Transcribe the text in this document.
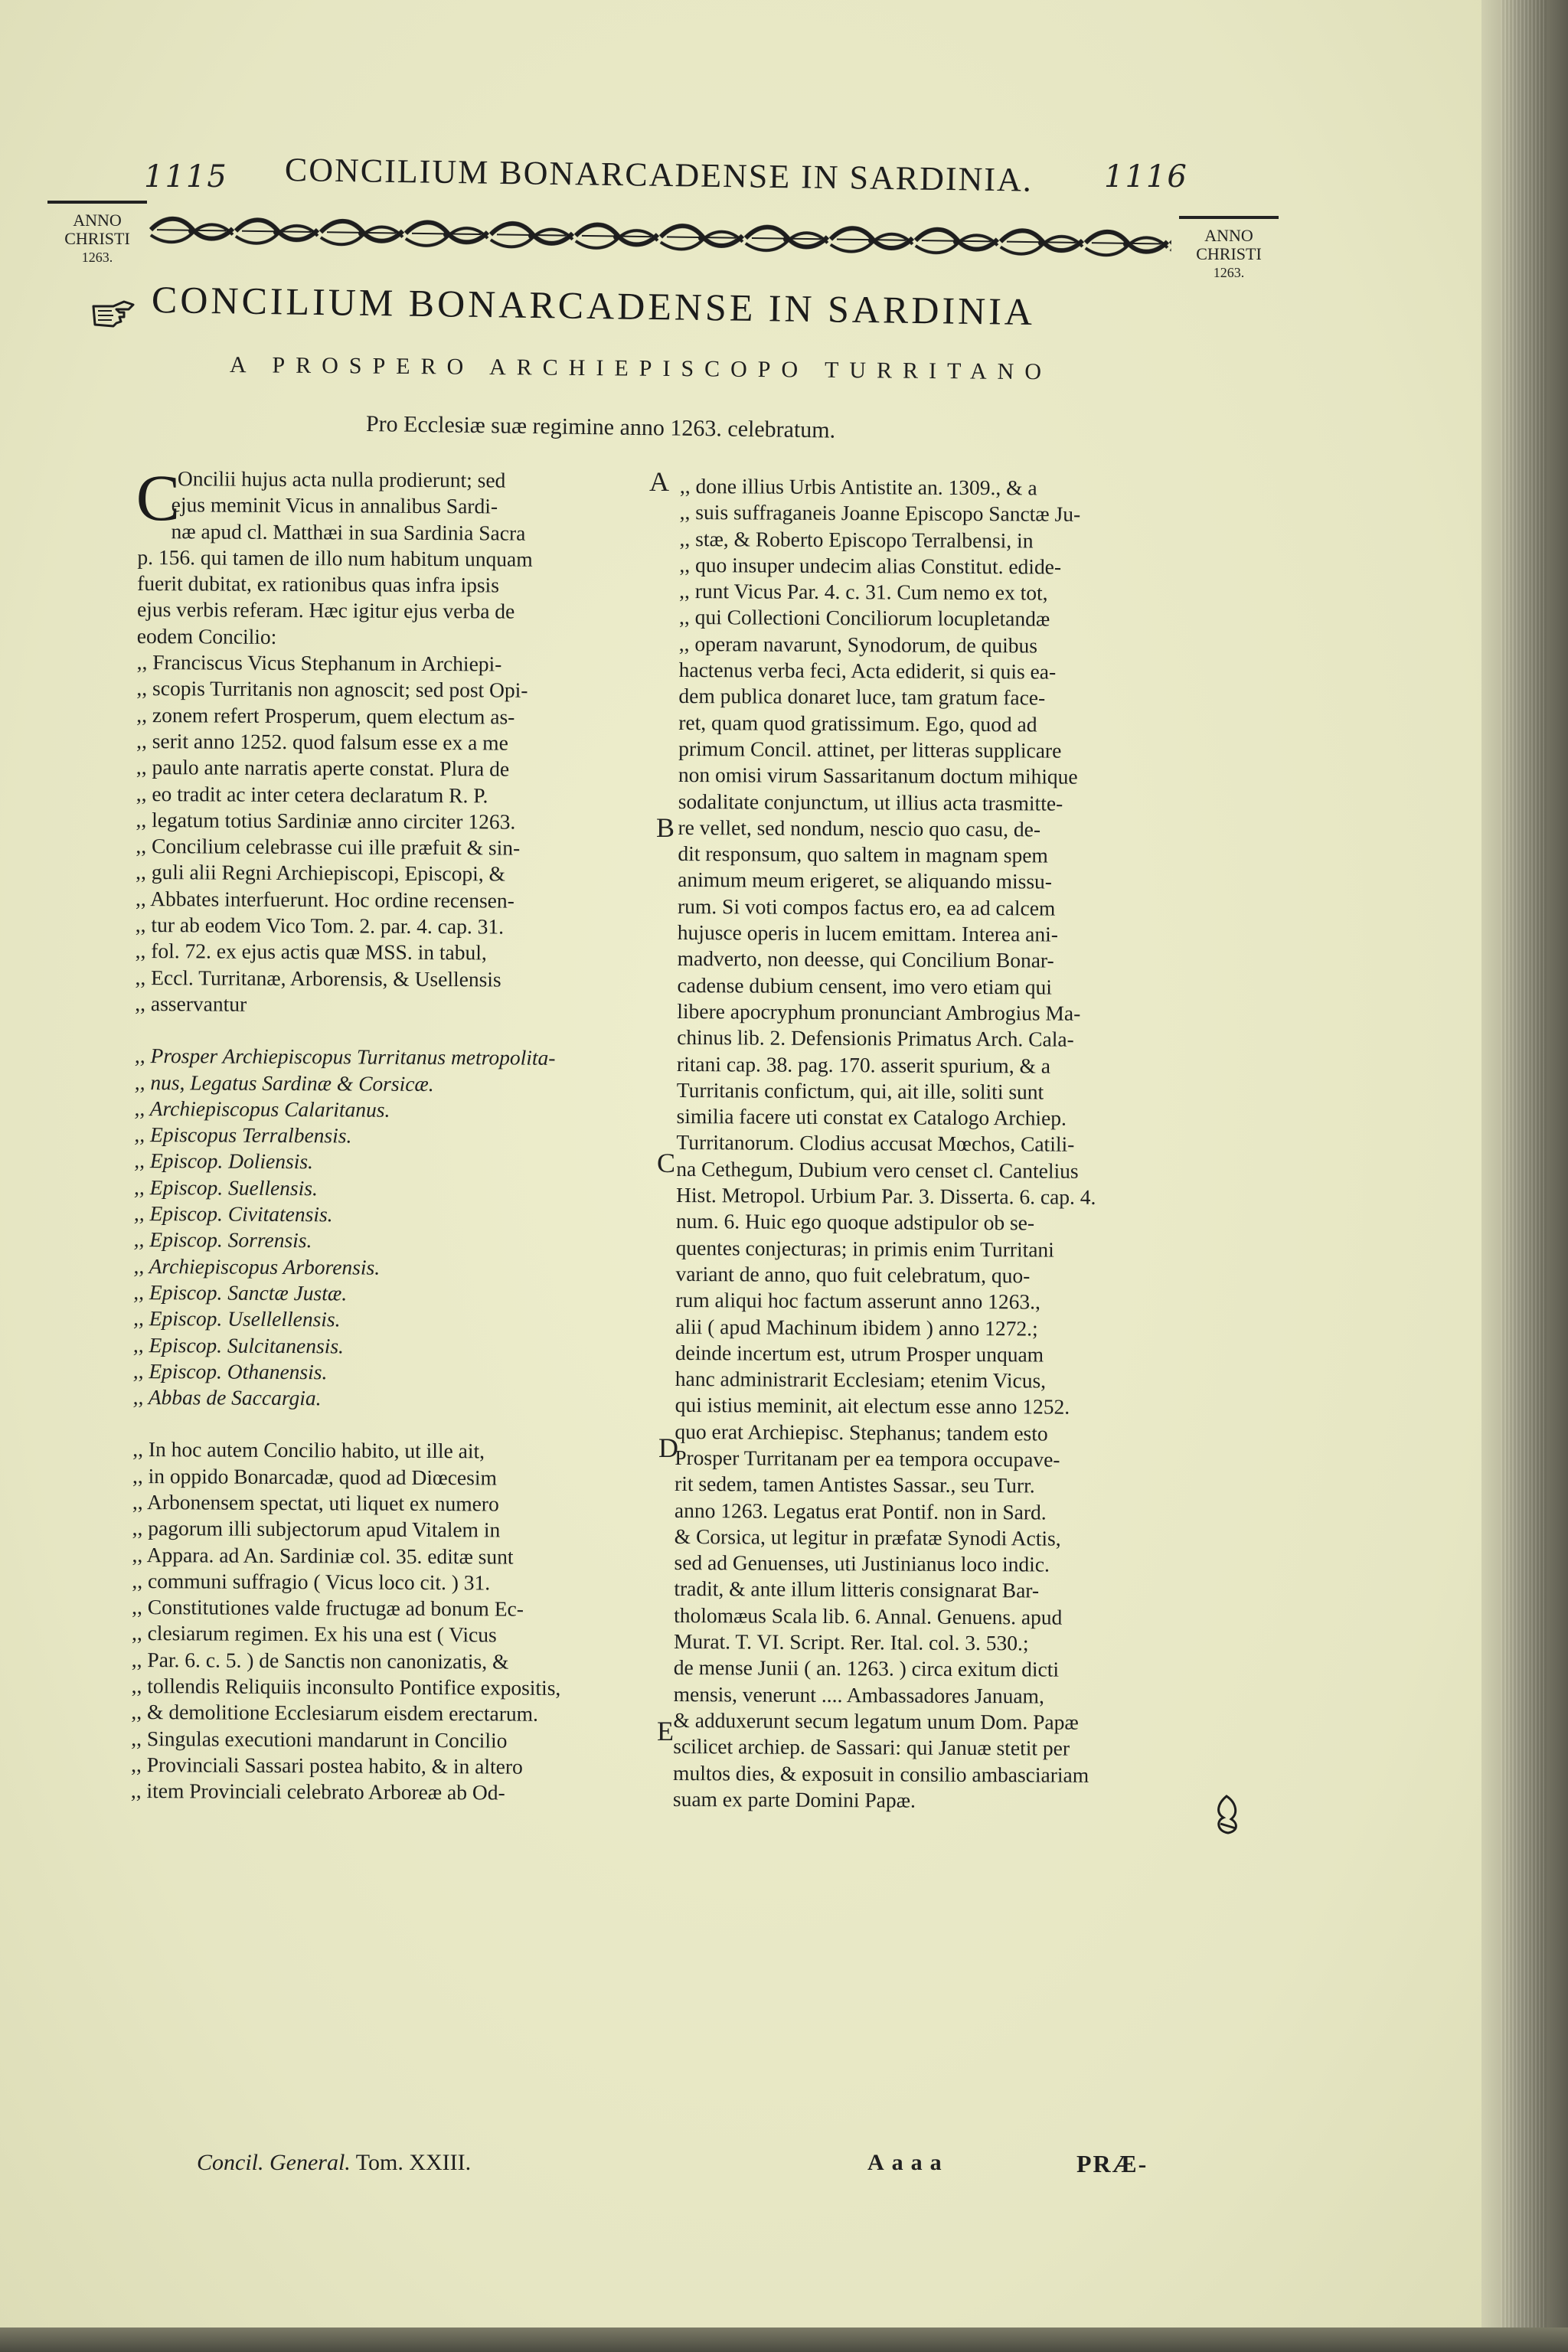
1115 CONCILIUM BONARCADENSE IN SARDINIA. 1116
ANNO
CHRISTI
1263.
ANNO
CHRISTI
1263.
CONCILIUM BONARCADENSE IN SARDINIA
A PROSPERO ARCHIEPISCOPO TURRITANO
Pro Ecclesiæ suæ regimine anno 1263. celebratum.
C
Oncilii hujus acta nulla prodierunt; sed
ejus meminit Vicus in annalibus Sardi-
næ apud cl. Matthæi in sua Sardinia Sacra
p. 156. qui tamen de illo num habitum unquam
fuerit dubitat, ex rationibus quas infra ipsis
ejus verbis referam. Hæc igitur ejus verba de
eodem Concilio:
,, Franciscus Vicus Stephanum in Archiepi-
,, scopis Turritanis non agnoscit; sed post Opi-
,, zonem refert Prosperum, quem electum as-
,, serit anno 1252. quod falsum esse ex a me
,, paulo ante narratis aperte constat. Plura de
,, eo tradit ac inter cetera declaratum R. P.
,, legatum totius Sardiniæ anno circiter 1263.
,, Concilium celebrasse cui ille præfuit & sin-
,, guli alii Regni Archiepiscopi, Episcopi, &
,, Abbates interfuerunt. Hoc ordine recensen-
,, tur ab eodem Vico Tom. 2. par. 4. cap. 31.
,, fol. 72. ex ejus actis quæ MSS. in tabul,
,, Eccl. Turritanæ, Arborensis, & Usellensis
,, asservantur
,, Prosper Archiepiscopus Turritanus metropolita-
,, nus, Legatus Sardinæ & Corsicæ.
,, Archiepiscopus Calaritanus.
,, Episcopus Terralbensis.
,, Episcop. Doliensis.
,, Episcop. Suellensis.
,, Episcop. Civitatensis.
,, Episcop. Sorrensis.
,, Archiepiscopus Arborensis.
,, Episcop. Sanctæ Justæ.
,, Episcop. Usellellensis.
,, Episcop. Sulcitanensis.
,, Episcop. Othanensis.
,, Abbas de Saccargia.
,, In hoc autem Concilio habito, ut ille ait,
,, in oppido Bonarcadæ, quod ad Diœcesim
,, Arbonensem spectat, uti liquet ex numero
,, pagorum illi subjectorum apud Vitalem in
,, Appara. ad An. Sardiniæ col. 35. editæ sunt
,, communi suffragio ( Vicus loco cit. ) 31.
,, Constitutiones valde fructugæ ad bonum Ec-
,, clesiarum regimen. Ex his una est ( Vicus
,, Par. 6. c. 5. ) de Sanctis non canonizatis, &
,, tollendis Reliquiis inconsulto Pontifice expositis,
,, & demolitione Ecclesiarum eisdem erectarum.
,, Singulas executioni mandarunt in Concilio
,, Provinciali Sassari postea habito, & in altero
,, item Provinciali celebrato Arboreæ ab Od-
,, done illius Urbis Antistite an. 1309., & a
,, suis suffraganeis Joanne Episcopo Sanctæ Ju-
,, stæ, & Roberto Episcopo Terralbensi, in
,, quo insuper undecim alias Constitut. edide-
,, runt Vicus Par. 4. c. 31. Cum nemo ex tot,
,, qui Collectioni Conciliorum locupletandæ
,, operam navarunt, Synodorum, de quibus
hactenus verba feci, Acta ediderit, si quis ea-
dem publica donaret luce, tam gratum face-
ret, quam quod gratissimum. Ego, quod ad
primum Concil. attinet, per litteras supplicare
non omisi virum Sassaritanum doctum mihique
sodalitate conjunctum, ut illius acta trasmitte-
re vellet, sed nondum, nescio quo casu, de-
dit responsum, quo saltem in magnam spem
animum meum erigeret, se aliquando missu-
rum. Si voti compos factus ero, ea ad calcem
hujusce operis in lucem emittam. Interea ani-
madverto, non deesse, qui Concilium Bonar-
cadense dubium censent, imo vero etiam qui
libere apocryphum pronunciant Ambrogius Ma-
chinus lib. 2. Defensionis Primatus Arch. Cala-
ritani cap. 38. pag. 170. asserit spurium, & a
Turritanis confictum, qui, ait ille, soliti sunt
similia facere uti constat ex Catalogo Archiep.
Turritanorum. Clodius accusat Mœchos, Catili-
na Cethegum, Dubium vero censet cl. Cantelius
Hist. Metropol. Urbium Par. 3. Disserta. 6. cap. 4.
num. 6. Huic ego quoque adstipulor ob se-
quentes conjecturas; in primis enim Turritani
variant de anno, quo fuit celebratum, quo-
rum aliqui hoc factum asserunt anno 1263.,
alii ( apud Machinum ibidem ) anno 1272.;
deinde incertum est, utrum Prosper unquam
hanc administrarit Ecclesiam; etenim Vicus,
qui istius meminit, ait electum esse anno 1252.
quo erat Archiepisc. Stephanus; tandem esto
Prosper Turritanam per ea tempora occupave-
rit sedem, tamen Antistes Sassar., seu Turr.
anno 1263. Legatus erat Pontif. non in Sard.
& Corsica, ut legitur in præfatæ Synodi Actis,
sed ad Genuenses, uti Justinianus loco indic.
tradit, & ante illum litteris consignarat Bar-
tholomæus Scala lib. 6. Annal. Genuens. apud
Murat. T. VI. Script. Rer. Ital. col. 3. 530.;
de mense Junii ( an. 1263. ) circa exitum dicti
mensis, venerunt .... Ambassadores Januam,
& adduxerunt secum legatum unum Dom. Papæ
scilicet archiep. de Sassari: qui Januæ stetit per
multos dies, & exposuit in consilio ambasciariam
suam ex parte Domini Papæ.
A
B
C
D
E
Concil. General. Tom. XXIII.	Aaaa	PRÆ-
